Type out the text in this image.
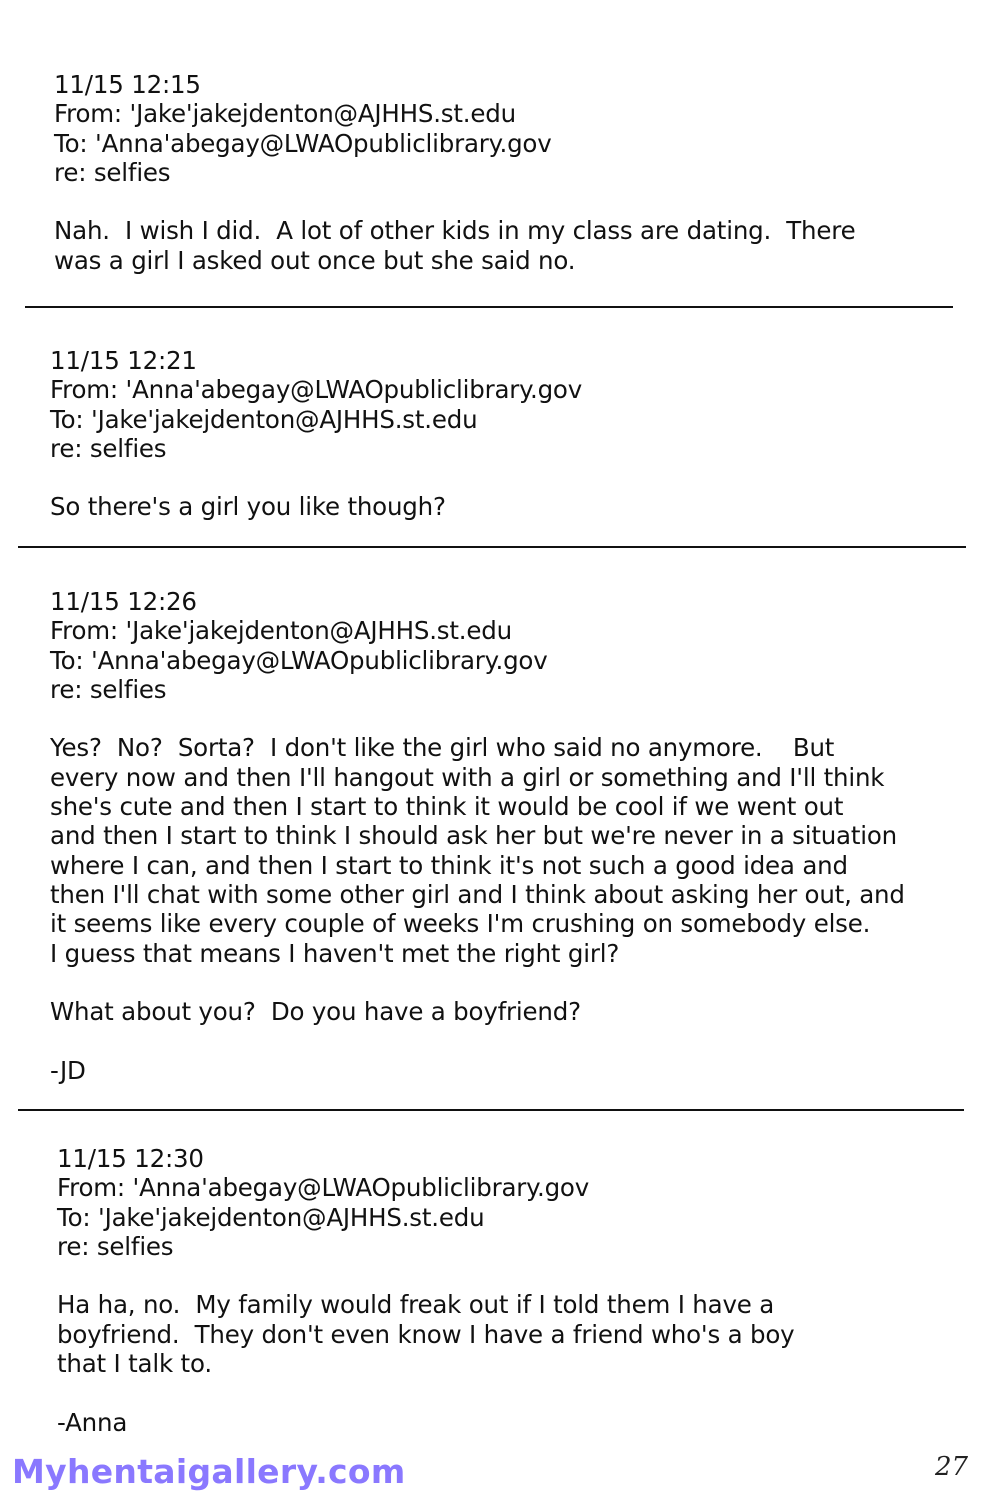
11/15 12:15
From: 'Jake'jakejdenton@AJHHS.st.edu
To: 'Anna'abegay@LWAOpubliclibrary.gov
re: selfies
Nah.  I wish I did.  A lot of other kids in my class are dating.  There
was a girl I asked out once but she said no.
11/15 12:21
From: 'Anna'abegay@LWAOpubliclibrary.gov
To: 'Jake'jakejdenton@AJHHS.st.edu
re: selfies
So there's a girl you like though?
11/15 12:26
From: 'Jake'jakejdenton@AJHHS.st.edu
To: 'Anna'abegay@LWAOpubliclibrary.gov
re: selfies
Yes?  No?  Sorta?  I don't like the girl who said no anymore.    But
every now and then I'll hangout with a girl or something and I'll think
she's cute and then I start to think it would be cool if we went out
and then I start to think I should ask her but we're never in a situation
where I can, and then I start to think it's not such a good idea and
then I'll chat with some other girl and I think about asking her out, and
it seems like every couple of weeks I'm crushing on somebody else.
I guess that means I haven't met the right girl?
What about you?  Do you have a boyfriend?
-JD
11/15 12:30
From: 'Anna'abegay@LWAOpubliclibrary.gov
To: 'Jake'jakejdenton@AJHHS.st.edu
re: selfies
Ha ha, no.  My family would freak out if I told them I have a
boyfriend.  They don't even know I have a friend who's a boy
that I talk to.
-Anna
Myhentaigallery.com	27
